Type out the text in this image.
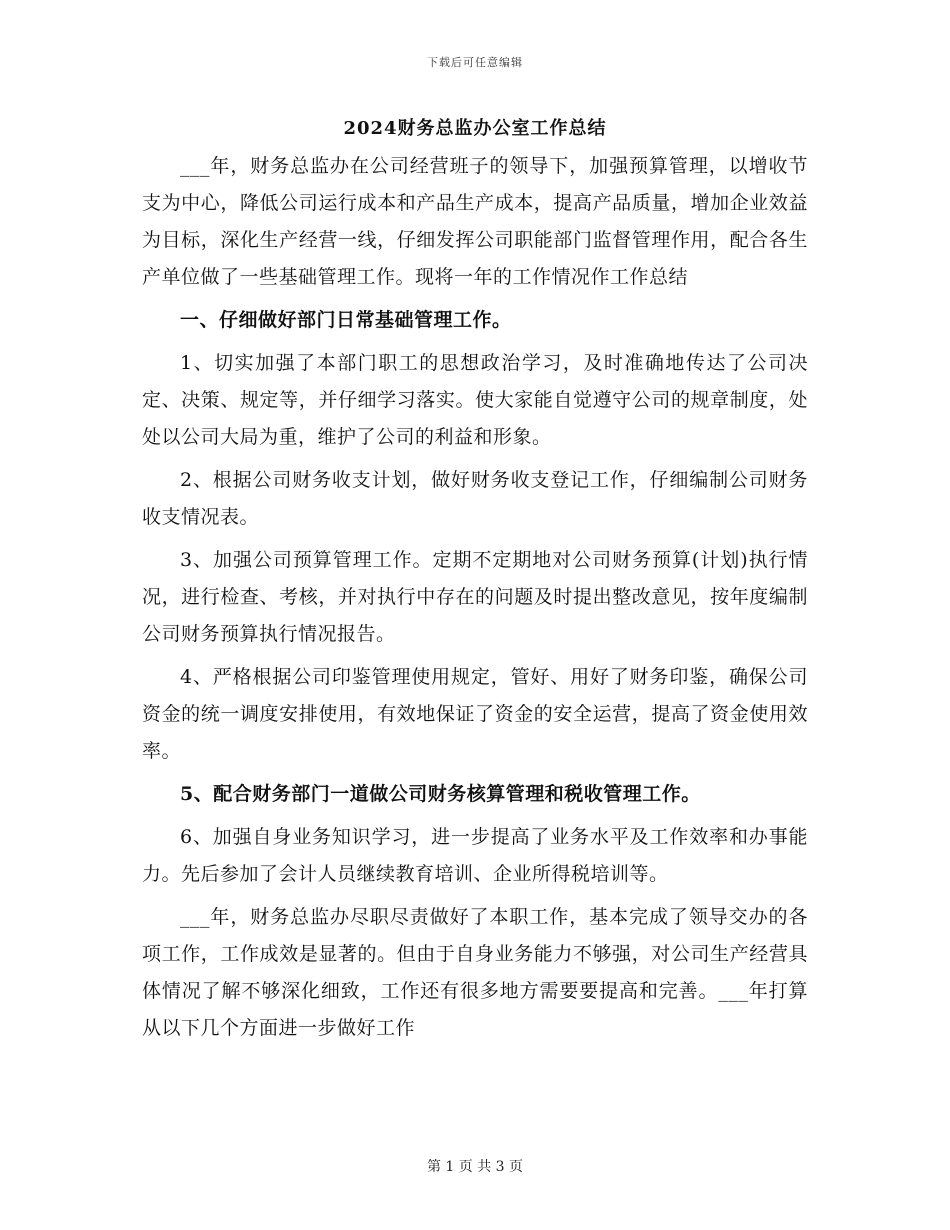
下载后可任意编辑
2024财务总监办公室工作总结

___年，财务总监办在公司经营班子的领导下，加强预算管理，以增收节支为中心，降低公司运行成本和产品生产成本，提高产品质量，增加企业效益为目标，深化生产经营一线，仔细发挥公司职能部门监督管理作用，配合各生产单位做了一些基础管理工作。现将一年的工作情况作工作总结

一、仔细做好部门日常基础管理工作。

1、切实加强了本部门职工的思想政治学习，及时准确地传达了公司决定、决策、规定等，并仔细学习落实。使大家能自觉遵守公司的规章制度，处处以公司大局为重，维护了公司的利益和形象。

2、根据公司财务收支计划，做好财务收支登记工作，仔细编制公司财务收支情况表。

3、加强公司预算管理工作。定期不定期地对公司财务预算(计划)执行情况，进行检查、考核，并对执行中存在的问题及时提出整改意见，按年度编制公司财务预算执行情况报告。

4、严格根据公司印鉴管理使用规定，管好、用好了财务印鉴，确保公司资金的统一调度安排使用，有效地保证了资金的安全运营，提高了资金使用效率。

5、配合财务部门一道做公司财务核算管理和税收管理工作。

6、加强自身业务知识学习，进一步提高了业务水平及工作效率和办事能力。先后参加了会计人员继续教育培训、企业所得税培训等。

___年，财务总监办尽职尽责做好了本职工作，基本完成了领导交办的各项工作，工作成效是显著的。但由于自身业务能力不够强，对公司生产经营具体情况了解不够深化细致，工作还有很多地方需要要提高和完善。___年打算从以下几个方面进一步做好工作

第 1 页 共 3 页
